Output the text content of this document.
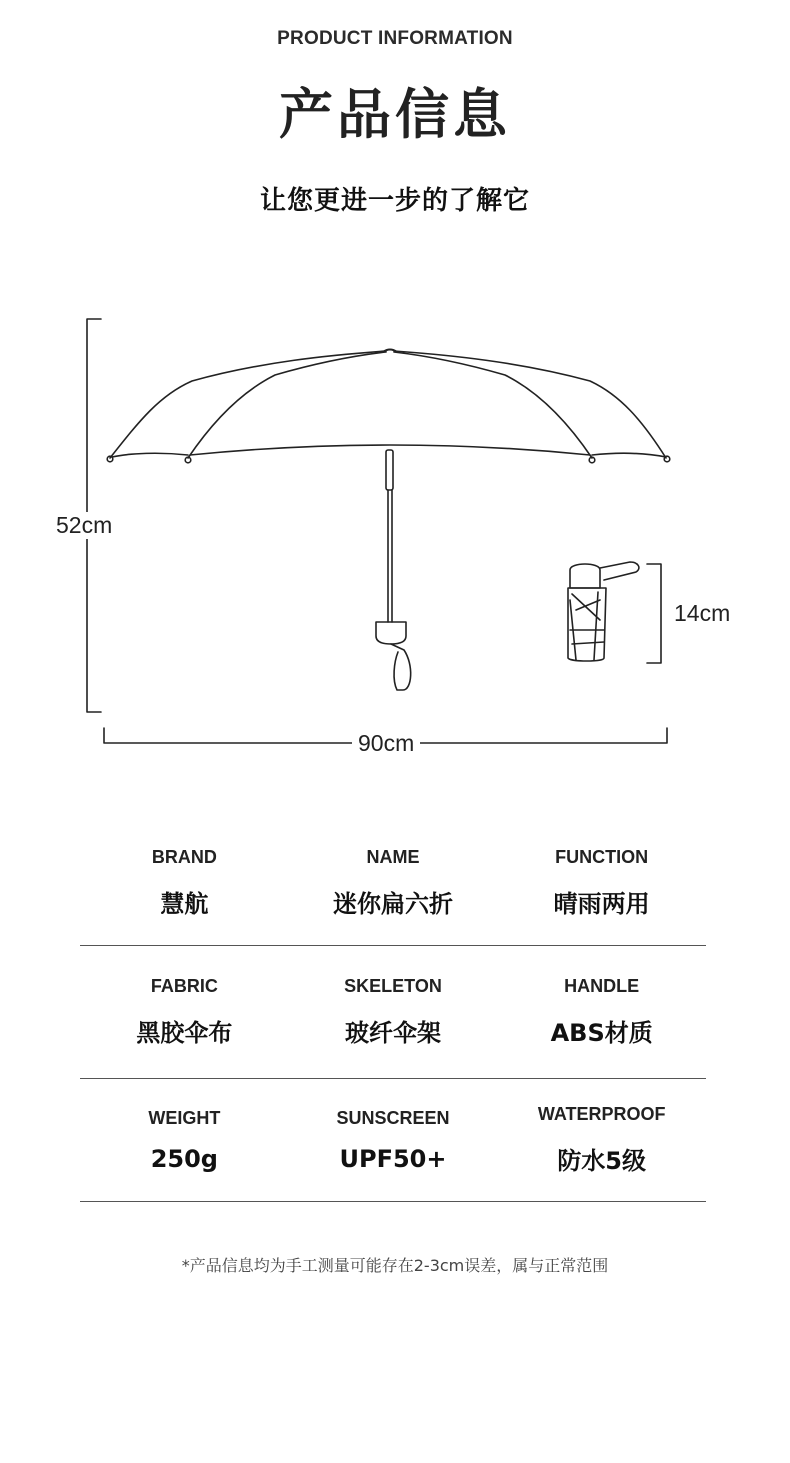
PRODUCT INFORMATION
产品信息
让您更进一步的了解它
52cm
90cm
14cm
BRAND
慧航
NAME
迷你扁六折
FUNCTION
晴雨两用
FABRIC
黑胶伞布
SKELETON
玻纤伞架
HANDLE
ABS材质
WEIGHT
250g
SUNSCREEN
UPF50+
WATERPROOF
防水5级
*产品信息均为手工测量可能存在2-3cm误差，属与正常范围
